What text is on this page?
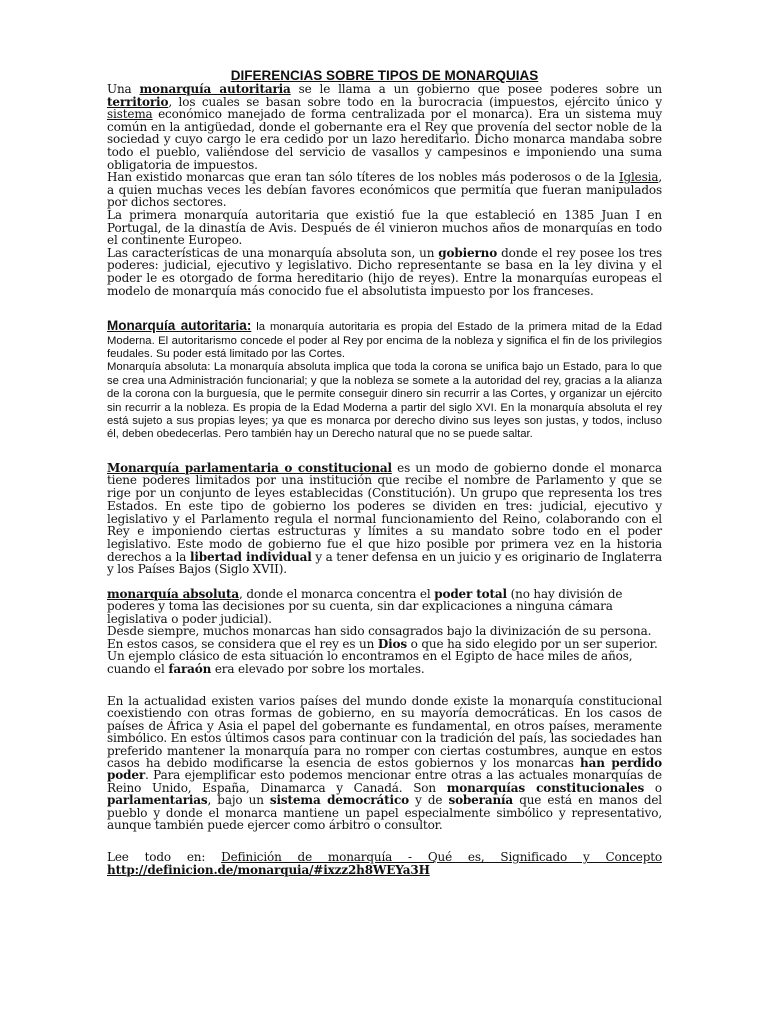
DIFERENCIAS SOBRE TIPOS DE MONARQUIAS
Una monarquía autoritaria se le llama a un gobierno que posee poderes sobre un territorio, los cuales se basan sobre todo en la burocracia (impuestos, ejército único y sistema económico manejado de forma centralizada por el monarca). Era un sistema muy común en la antigüedad, donde el gobernante era el Rey que provenía del sector noble de la sociedad y cuyo cargo le era cedido por un lazo hereditario. Dicho monarca mandaba sobre todo el pueblo, valiéndose del servicio de vasallos y campesinos e imponiendo una suma obligatoria de impuestos.
Han existido monarcas que eran tan sólo títeres de los nobles más poderosos o de la Iglesia, a quien muchas veces les debían favores económicos que permitía que fueran manipulados por dichos sectores.
La primera monarquía autoritaria que existió fue la que estableció en 1385 Juan I en Portugal, de la dinastía de Avis. Después de él vinieron muchos años de monarquías en todo el continente Europeo.
Las características de una monarquía absoluta son, un gobierno donde el rey posee los tres poderes: judicial, ejecutivo y legislativo. Dicho representante se basa en la ley divina y el poder le es otorgado de forma hereditario (hijo de reyes). Entre la monarquías europeas el modelo de monarquía más conocido fue el absolutista impuesto por los franceses.
Monarquía autoritaria: la monarquía autoritaria es propia del Estado de la primera mitad de la Edad Moderna. El autoritarismo concede el poder al Rey por encima de la nobleza y significa el fin de los privilegios feudales. Su poder está limitado por las Cortes.
Monarquía absoluta: La monarquía absoluta implica que toda la corona se unifica bajo un Estado, para lo que se crea una Administración funcionarial; y que la nobleza se somete a la autoridad del rey, gracias a la alianza de la corona con la burguesía, que le permite conseguir dinero sin recurrir a las Cortes, y organizar un ejército sin recurrir a la nobleza. Es propia de la Edad Moderna a partir del siglo XVI. En la monarquía absoluta el rey está sujeto a sus propias leyes; ya que es monarca por derecho divino sus leyes son justas, y todos, incluso él, deben obedecerlas. Pero también hay un Derecho natural que no se puede saltar.
Monarquía parlamentaria o constitucional es un modo de gobierno donde el monarca tiene poderes limitados por una institución que recibe el nombre de Parlamento y que se rige por un conjunto de leyes establecidas (Constitución). Un grupo que representa los tres Estados. En este tipo de gobierno los poderes se dividen en tres: judicial, ejecutivo y legislativo y el Parlamento regula el normal funcionamiento del Reino, colaborando con el Rey e imponiendo ciertas estructuras y límites a su mandato sobre todo en el poder legislativo. Este modo de gobierno fue el que hizo posible por primera vez en la historia derechos a la libertad individual y a tener defensa en un juicio y es originario de Inglaterra y los Países Bajos (Siglo XVII).
monarquía absoluta, donde el monarca concentra el poder total (no hay división de poderes y toma las decisiones por su cuenta, sin dar explicaciones a ninguna cámara legislativa o poder judicial).
Desde siempre, muchos monarcas han sido consagrados bajo la divinización de su persona. En estos casos, se considera que el rey es un Dios o que ha sido elegido por un ser superior. Un ejemplo clásico de esta situación lo encontramos en el Egipto de hace miles de años, cuando el faraón era elevado por sobre los mortales.
En la actualidad existen varios países del mundo donde existe la monarquía constitucional coexistiendo con otras formas de gobierno, en su mayoría democráticas. En los casos de países de África y Asia el papel del gobernante es fundamental, en otros países, meramente simbólico. En estos últimos casos para continuar con la tradición del país, las sociedades han preferido mantener la monarquía para no romper con ciertas costumbres, aunque en estos casos ha debido modificarse la esencia de estos gobiernos y los monarcas han perdido poder. Para ejemplificar esto podemos mencionar entre otras a las actuales monarquías de Reino Unido, España, Dinamarca y Canadá. Son monarquías constitucionales o parlamentarias, bajo un sistema democrático y de soberanía que está en manos del pueblo y donde el monarca mantiene un papel especialmente simbólico y representativo, aunque también puede ejercer como árbitro o consultor.
Lee todo en: Definición de monarquía - Qué es, Significado y Concepto http://definicion.de/monarquia/#ixzz2h8WEYa3H
